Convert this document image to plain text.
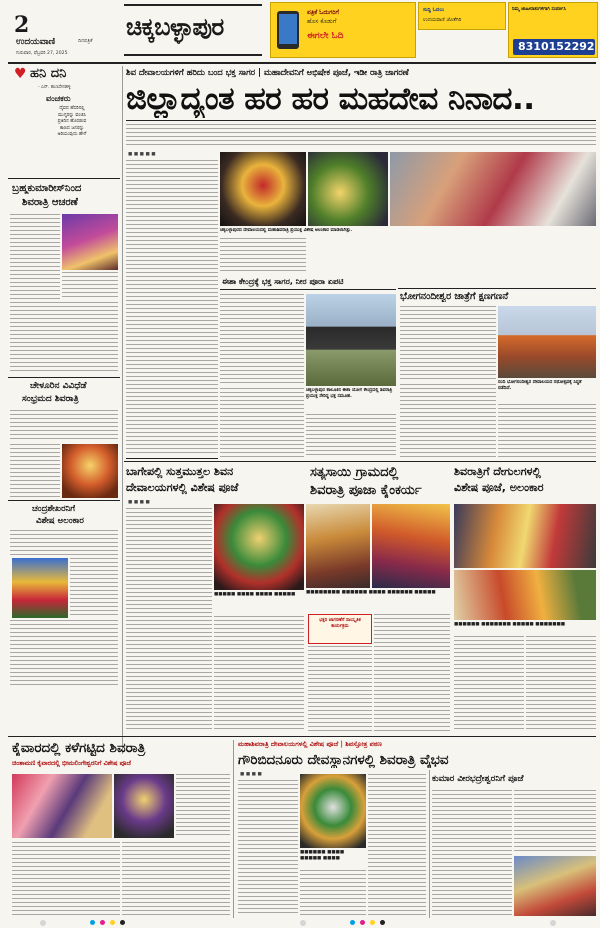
2
ಉದಯವಾಣಿ	ದಿನಪತ್ರಿಕೆ
ಗುರುವಾರ, ಫೆಬ್ರವರಿ 27, 2025
ಚಿಕ್ಕಬಳ್ಳಾಪುರ
ಪತ್ರಿಕೆ ಓದುಗರಿಗೆ
ಹೊಸ ಕೊಡುಗೆ
ಈಗಲೇ ಓದಿ
ಸುದ್ದಿ ಓದಲು
ಉದಯವಾಣಿ ಜೊತೆಗಿರಿ
ನಿಮ್ಮ ಜಾಹೀರಾತುಗಳಿಗಾಗಿ ಸಂಪರ್ಕಿಸಿ
8310152292
♥ ಹನಿ ದನಿ
- ಎನ್. ಹುಣಸೇನಹಳ್ಳಿ
ವಂಚಕರು
ದೈವದ ಹೆಸರಿನಲ್ಲಿ
ಮುಗ್ಧರನ್ನು ವಂಚಿಸಿ
ಪ್ರತಿದಿನ ಹೊರಡುವ
ಕಾಣದ ಜನರನ್ನು
ಅರಿಯುವುದು ಹೇಗೆ
ಬ್ರಹ್ಮಕುಮಾರೀಸ್‌ನಿಂದ
ಶಿವರಾತ್ರಿ ಆಚರಣೆ
ಚೇಳೂರಿನ ವಿವಿಧೆಡೆ
ಸಂಭ್ರಮದ ಶಿವರಾತ್ರಿ
ಚಂದ್ರಶೇಖರನಿಗೆ
ವಿಶೇಷ ಅಲಂಕಾರ
ಶಿವ ದೇವಾಲಯಗಳಿಗೆ ಹರಿದು ಬಂದ ಭಕ್ತ ಸಾಗರ | ಮಹಾದೇವನಿಗೆ ಅಭಿಷೇಕ ಪೂಜೆ, ಇಡೀ ರಾತ್ರಿ ಜಾಗರಣೆ
ಜಿಲ್ಲಾದ್ಯಂತ ಹರ ಹರ ಮಹದೇವ ನಿನಾದ..
■ ■ ■ ■ ■
ಚಿಕ್ಕಬಳ್ಳಾಪುರದ ದೇವಾಲಯದಲ್ಲಿ ಮಹಾಶಿವರಾತ್ರಿ ಪ್ರಯುಕ್ತ ವಿಶೇಷ ಅಲಂಕಾರ ಮಾಡಲಾಗಿತ್ತು.
ಈಶಾ ಕೇಂದ್ರಕ್ಕೆ ಭಕ್ತ ಸಾಗರ, ನೀರ ಪೂರಾ ಏಪಟಿ
ಚಿಕ್ಕಬಳ್ಳಾಪುರ ತಾಲೂಕಿನ ಈಶಾ ಯೋಗ ಕೇಂದ್ರದಲ್ಲಿ ಶಿವರಾತ್ರಿ ಪ್ರಯುಕ್ತ ಸೇರಿದ್ದ ಭಕ್ತ ಸಮೂಹ.
ಭೋಗನಂದೀಶ್ವರ ಜಾತ್ರೆಗೆ ಕ್ಷಣಗಣನೆ
ನಂದಿ ಭೋಗನಂದೀಶ್ವರ ದೇವಾಲಯದ ರಥೋತ್ಸವಕ್ಕೆ ಸಿದ್ಧತೆ ನಡೆದಿದೆ.
ಬಾಗೇಪಲ್ಲಿ ಸುತ್ತಮುತ್ತಲ ಶಿವನ
ದೇವಾಲಯಗಳಲ್ಲಿ ವಿಶೇಷ ಪೂಜೆ
■ ■ ■ ■
■■■■■ ■■■■ ■■■■ ■■■■■
ಸತ್ಯಸಾಯಿ ಗ್ರಾಮದಲ್ಲಿ
ಶಿವರಾತ್ರಿ ಪೂಜಾ ಕೈಂಕರ್ಯ
■■■■■■■■ ■■■■■■ ■■■■ ■■■■■■ ■■■■■
ಭಕ್ತರ ಜಾಗರಣೆಗೆ ಸಾಂಸ್ಕೃತಿಕ ಕಾರ್ಯಕ್ರಮ
ಶಿವರಾತ್ರಿಗೆ ದೇಗುಲಗಳಲ್ಲಿ
ವಿಶೇಷ ಪೂಜೆ, ಅಲಂಕಾರ
■■■■■■ ■■■■■■■ ■■■■■ ■■■■■■■
ಕೈವಾರದಲ್ಲಿ ಕಳೆಗಟ್ಟಿದ ಶಿವರಾತ್ರಿ
ಚಿಂತಾಮಣಿ ಕೈವಾರದಲ್ಲಿ ಭೀಮಲಿಂಗೇಶ್ವರನಿಗೆ ವಿಶೇಷ ಪೂಜೆ
ಮಹಾಶಿವರಾತ್ರಿ ದೇವಾಲಯಗಳಲ್ಲಿ ವಿಶೇಷ ಪೂಜೆ | ಶಿವಸ್ತೋತ್ರ ಪಠಣ
ಗೌರಿಬಿದನೂರು ದೇವಸ್ಥಾನಗಳಲ್ಲಿ ಶಿವರಾತ್ರಿ ವೈಭವ
■ ■ ■ ■
■■■■■■ ■■■■ ■■■■■ ■■■■
ಕುಮಾರ ವೀರಭದ್ರೇಶ್ವರನಿಗೆ ಪೂಜೆ
